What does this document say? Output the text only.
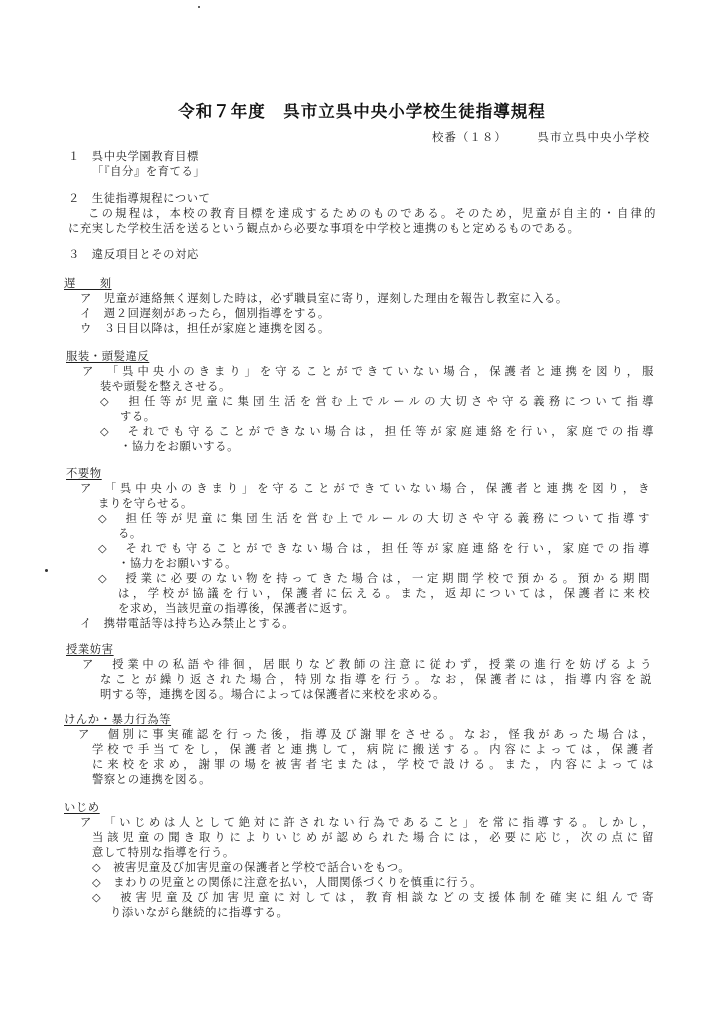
令和７年度　呉市立呉中央小学校生徒指導規程
校番（１８）	呉市立呉中央小学校
１　呉中央学園教育目標
「『自分』を育てる」
２　生徒指導規程について
この規程は，本校の教育目標を達成するためのものである。そのため，児童が自主的・自律的
に充実した学校生活を送るという観点から必要な事項を中学校と連携のもと定めるものである。
３　違反項目とその対応
遅　　刻
ア　児童が連絡無く遅刻した時は，必ず職員室に寄り，遅刻した理由を報告し教室に入る。
イ　週２回遅刻があったら，個別指導をする。
ウ　３日目以降は，担任が家庭と連携を図る。
服装・頭髪違反
ア　「呉中央小のきまり」を守ることができていない場合，保護者と連携を図り，服
装や頭髪を整えさせる。
◇　担任等が児童に集団生活を営む上でルールの大切さや守る義務について指導
する。
◇　それでも守ることができない場合は，担任等が家庭連絡を行い，家庭での指導
・協力をお願いする。
不要物
ア　「呉中央小のきまり」を守ることができていない場合，保護者と連携を図り，き
まりを守らせる。
◇　担任等が児童に集団生活を営む上でルールの大切さや守る義務について指導す
る。
◇　それでも守ることができない場合は，担任等が家庭連絡を行い，家庭での指導
・協力をお願いする。
◇　授業に必要のない物を持ってきた場合は，一定期間学校で預かる。預かる期間
は，学校が協議を行い，保護者に伝える。また，返却については，保護者に来校
を求め，当該児童の指導後，保護者に返す。
イ　携帯電話等は持ち込み禁止とする。
授業妨害
ア　授業中の私語や徘徊，居眠りなど教師の注意に従わず，授業の進行を妨げるよう
なことが繰り返された場合，特別な指導を行う。なお，保護者には，指導内容を説
明する等，連携を図る。場合によっては保護者に来校を求める。
けんか・暴力行為等
ア　個別に事実確認を行った後，指導及び謝罪をさせる。なお，怪我があった場合は，
学校で手当てをし，保護者と連携して，病院に搬送する。内容によっては，保護者
に来校を求め，謝罪の場を被害者宅または，学校で設ける。また，内容によっては
警察との連携を図る。
いじめ
ア　「いじめは人として絶対に許されない行為であること」を常に指導する。しかし，
当該児童の聞き取りによりいじめが認められた場合には，必要に応じ，次の点に留
意して特別な指導を行う。
◇　被害児童及び加害児童の保護者と学校で話合いをもつ。
◇　まわりの児童との関係に注意を払い，人間関係づくりを慎重に行う。
◇　被害児童及び加害児童に対しては，教育相談などの支援体制を確実に組んで寄
り添いながら継続的に指導する。
